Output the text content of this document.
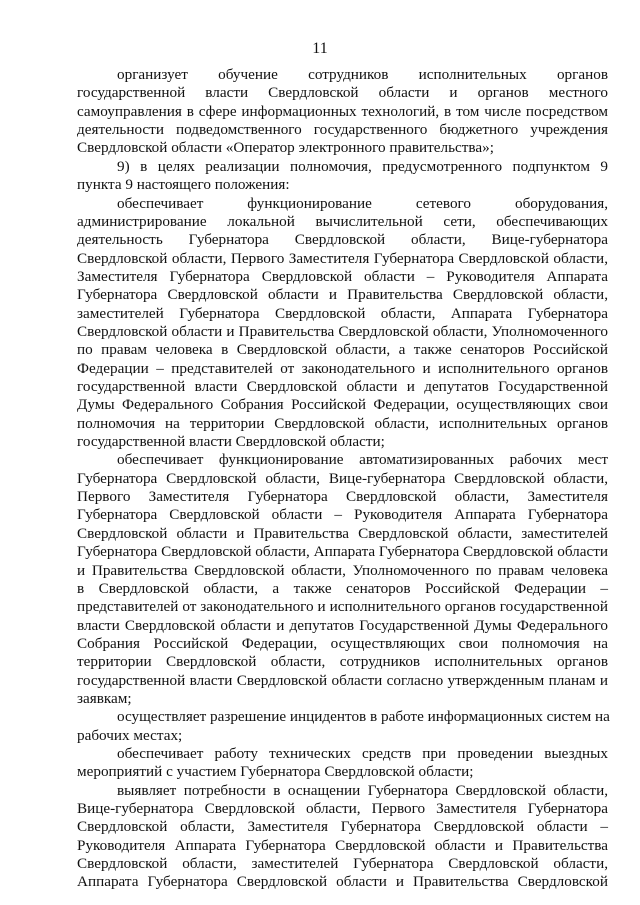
11
организует обучение сотрудников исполнительных органов
государственной власти Свердловской области и органов местного
самоуправления в сфере информационных технологий, в том числе посредством
деятельности подведомственного государственного бюджетного учреждения
Свердловской области «Оператор электронного правительства»;
9) в целях реализации полномочия, предусмотренного подпунктом 9
пункта 9 настоящего положения:
обеспечивает функционирование сетевого оборудования,
администрирование локальной вычислительной сети, обеспечивающих
деятельность Губернатора Свердловской области, Вице-губернатора
Свердловской области, Первого Заместителя Губернатора Свердловской области,
Заместителя Губернатора Свердловской области – Руководителя Аппарата
Губернатора Свердловской области и Правительства Свердловской области,
заместителей Губернатора Свердловской области, Аппарата Губернатора
Свердловской области и Правительства Свердловской области, Уполномоченного
по правам человека в Свердловской области, а также сенаторов Российской
Федерации – представителей от законодательного и исполнительного органов
государственной власти Свердловской области и депутатов Государственной
Думы Федерального Собрания Российской Федерации, осуществляющих свои
полномочия на территории Свердловской области, исполнительных органов
государственной власти Свердловской области;
обеспечивает функционирование автоматизированных рабочих мест
Губернатора Свердловской области, Вице-губернатора Свердловской области,
Первого Заместителя Губернатора Свердловской области, Заместителя
Губернатора Свердловской области – Руководителя Аппарата Губернатора
Свердловской области и Правительства Свердловской области, заместителей
Губернатора Свердловской области, Аппарата Губернатора Свердловской области
и Правительства Свердловской области, Уполномоченного по правам человека
в Свердловской области, а также сенаторов Российской Федерации –
представителей от законодательного и исполнительного органов государственной
власти Свердловской области и депутатов Государственной Думы Федерального
Собрания Российской Федерации, осуществляющих свои полномочия на
территории Свердловской области, сотрудников исполнительных органов
государственной власти Свердловской области согласно утвержденным планам и
заявкам;
осуществляет разрешение инцидентов в работе информационных систем на
рабочих местах;
обеспечивает работу технических средств при проведении выездных
мероприятий с участием Губернатора Свердловской области;
выявляет потребности в оснащении Губернатора Свердловской области,
Вице-губернатора Свердловской области, Первого Заместителя Губернатора
Свердловской области, Заместителя Губернатора Свердловской области –
Руководителя Аппарата Губернатора Свердловской области и Правительства
Свердловской области, заместителей Губернатора Свердловской области,
Аппарата Губернатора Свердловской области и Правительства Свердловской
